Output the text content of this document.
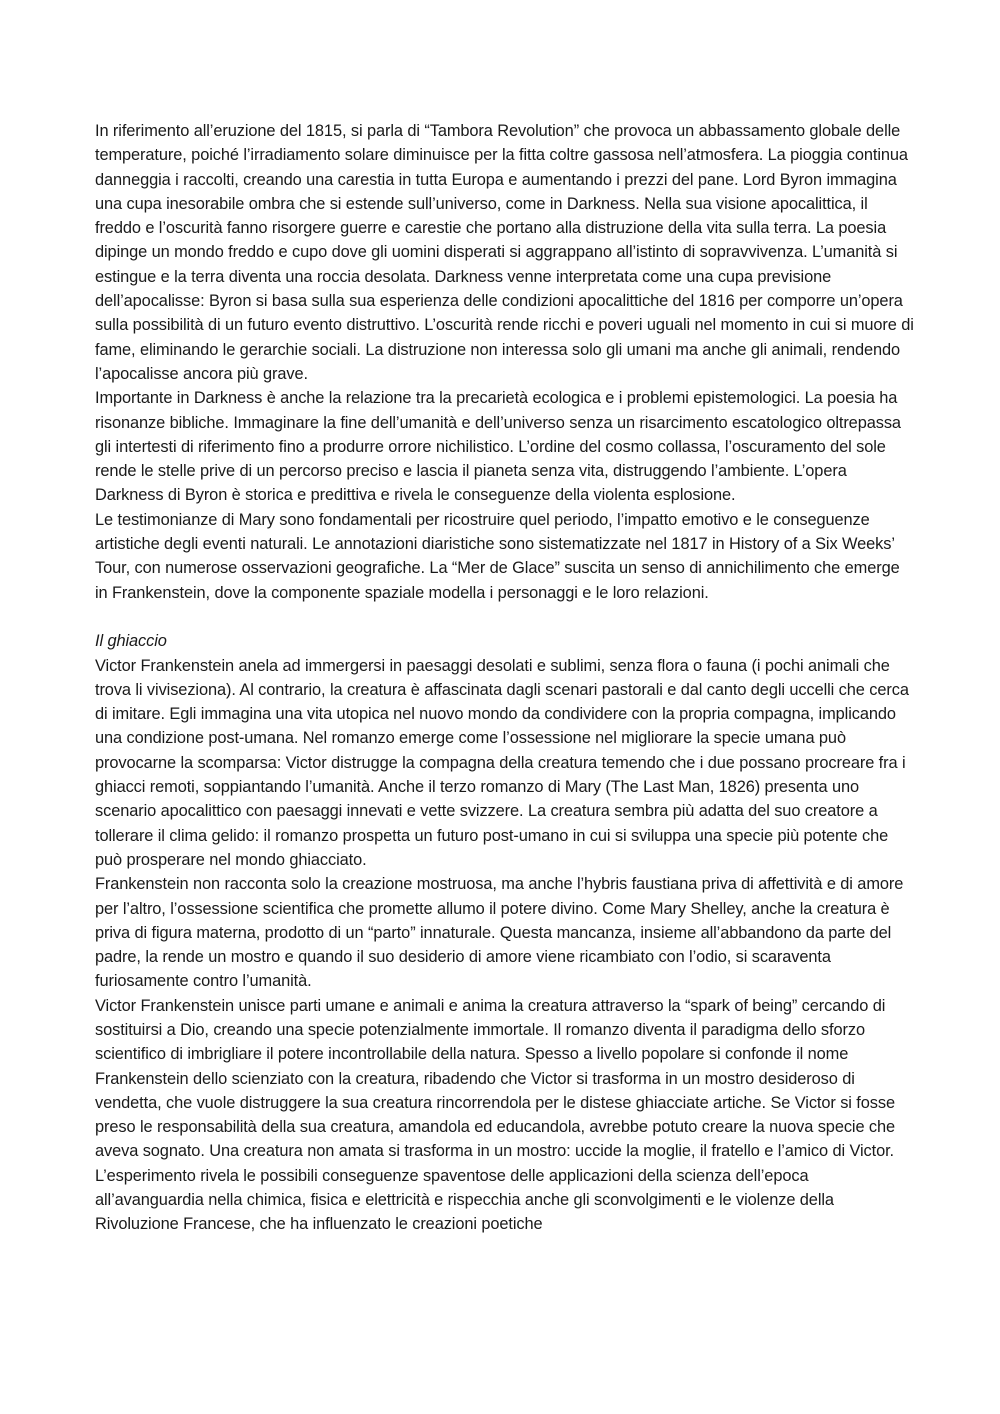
In riferimento all’eruzione del 1815, si parla di “Tambora Revolution” che provoca un abbassamento globale delle temperature, poiché l’irradiamento solare diminuisce per la fitta coltre gassosa nell’atmosfera. La pioggia continua danneggia i raccolti, creando una carestia in tutta Europa e aumentando i prezzi del pane. Lord Byron immagina una cupa inesorabile ombra che si estende sull’universo, come in Darkness. Nella sua visione apocalittica, il freddo e l’oscurità fanno risorgere guerre e carestie che portano alla distruzione della vita sulla terra. La poesia dipinge un mondo freddo e cupo dove gli uomini disperati si aggrappano all’istinto di sopravvivenza. L’umanità si estingue e la terra diventa una roccia desolata. Darkness venne interpretata come una cupa previsione dell’apocalisse: Byron si basa sulla sua esperienza delle condizioni apocalittiche del 1816 per comporre un’opera sulla possibilità di un futuro evento distruttivo. L’oscurità rende ricchi e poveri uguali nel momento in cui si muore di fame, eliminando le gerarchie sociali. La distruzione non interessa solo gli umani ma anche gli animali, rendendo l’apocalisse ancora più grave.

Importante in Darkness è anche la relazione tra la precarietà ecologica e i problemi epistemologici. La poesia ha risonanze bibliche. Immaginare la fine dell’umanità e dell’universo senza un risarcimento escatologico oltrepassa gli intertesti di riferimento fino a produrre orrore nichilistico. L’ordine del cosmo collassa, l’oscuramento del sole rende le stelle prive di un percorso preciso e lascia il pianeta senza vita, distruggendo l’ambiente. L’opera Darkness di Byron è storica e predittiva e rivela le conseguenze della violenta esplosione.

Le testimonianze di Mary sono fondamentali per ricostruire quel periodo, l’impatto emotivo e le conseguenze artistiche degli eventi naturali. Le annotazioni diaristiche sono sistematizzate nel 1817 in History of a Six Weeks’ Tour, con numerose osservazioni geografiche. La “Mer de Glace” suscita un senso di annichilimento che emerge in Frankenstein, dove la componente spaziale modella i personaggi e le loro relazioni.

Il ghiaccio

Victor Frankenstein anela ad immergersi in paesaggi desolati e sublimi, senza flora o fauna (i pochi animali che trova li viviseziona). Al contrario, la creatura è affascinata dagli scenari pastorali e dal canto degli uccelli che cerca di imitare. Egli immagina una vita utopica nel nuovo mondo da condividere con la propria compagna, implicando una condizione post-umana. Nel romanzo emerge come l’ossessione nel migliorare la specie umana può provocarne la scomparsa: Victor distrugge la compagna della creatura temendo che i due possano procreare fra i ghiacci remoti, soppiantando l’umanità. Anche il terzo romanzo di Mary (The Last Man, 1826) presenta uno scenario apocalittico con paesaggi innevati e vette svizzere. La creatura sembra più adatta del suo creatore a tollerare il clima gelido: il romanzo prospetta un futuro post-umano in cui si sviluppa una specie più potente che può prosperare nel mondo ghiacciato.

Frankenstein non racconta solo la creazione mostruosa, ma anche l’hybris faustiana priva di affettività e di amore per l’altro, l’ossessione scientifica che promette allumo il potere divino. Come Mary Shelley, anche la creatura è priva di figura materna, prodotto di un “parto” innaturale. Questa mancanza, insieme all’abbandono da parte del padre, la rende un mostro e quando il suo desiderio di amore viene ricambiato con l’odio, si scaraventa furiosamente contro l’umanità.

Victor Frankenstein unisce parti umane e animali e anima la creatura attraverso la “spark of being” cercando di sostituirsi a Dio, creando una specie potenzialmente immortale. Il romanzo diventa il paradigma dello sforzo scientifico di imbrigliare il potere incontrollabile della natura. Spesso a livello popolare si confonde il nome Frankenstein dello scienziato con la creatura, ribadendo che Victor si trasforma in un mostro desideroso di vendetta, che vuole distruggere la sua creatura rincorrendola per le distese ghiacciate artiche. Se Victor si fosse preso le responsabilità della sua creatura, amandola ed educandola, avrebbe potuto creare la nuova specie che aveva sognato. Una creatura non amata si trasforma in un mostro: uccide la moglie, il fratello e l’amico di Victor. L’esperimento rivela le possibili conseguenze spaventose delle applicazioni della scienza dell’epoca all’avanguardia nella chimica, fisica e elettricità e rispecchia anche gli sconvolgimenti e le violenze della Rivoluzione Francese, che ha influenzato le creazioni poetiche
